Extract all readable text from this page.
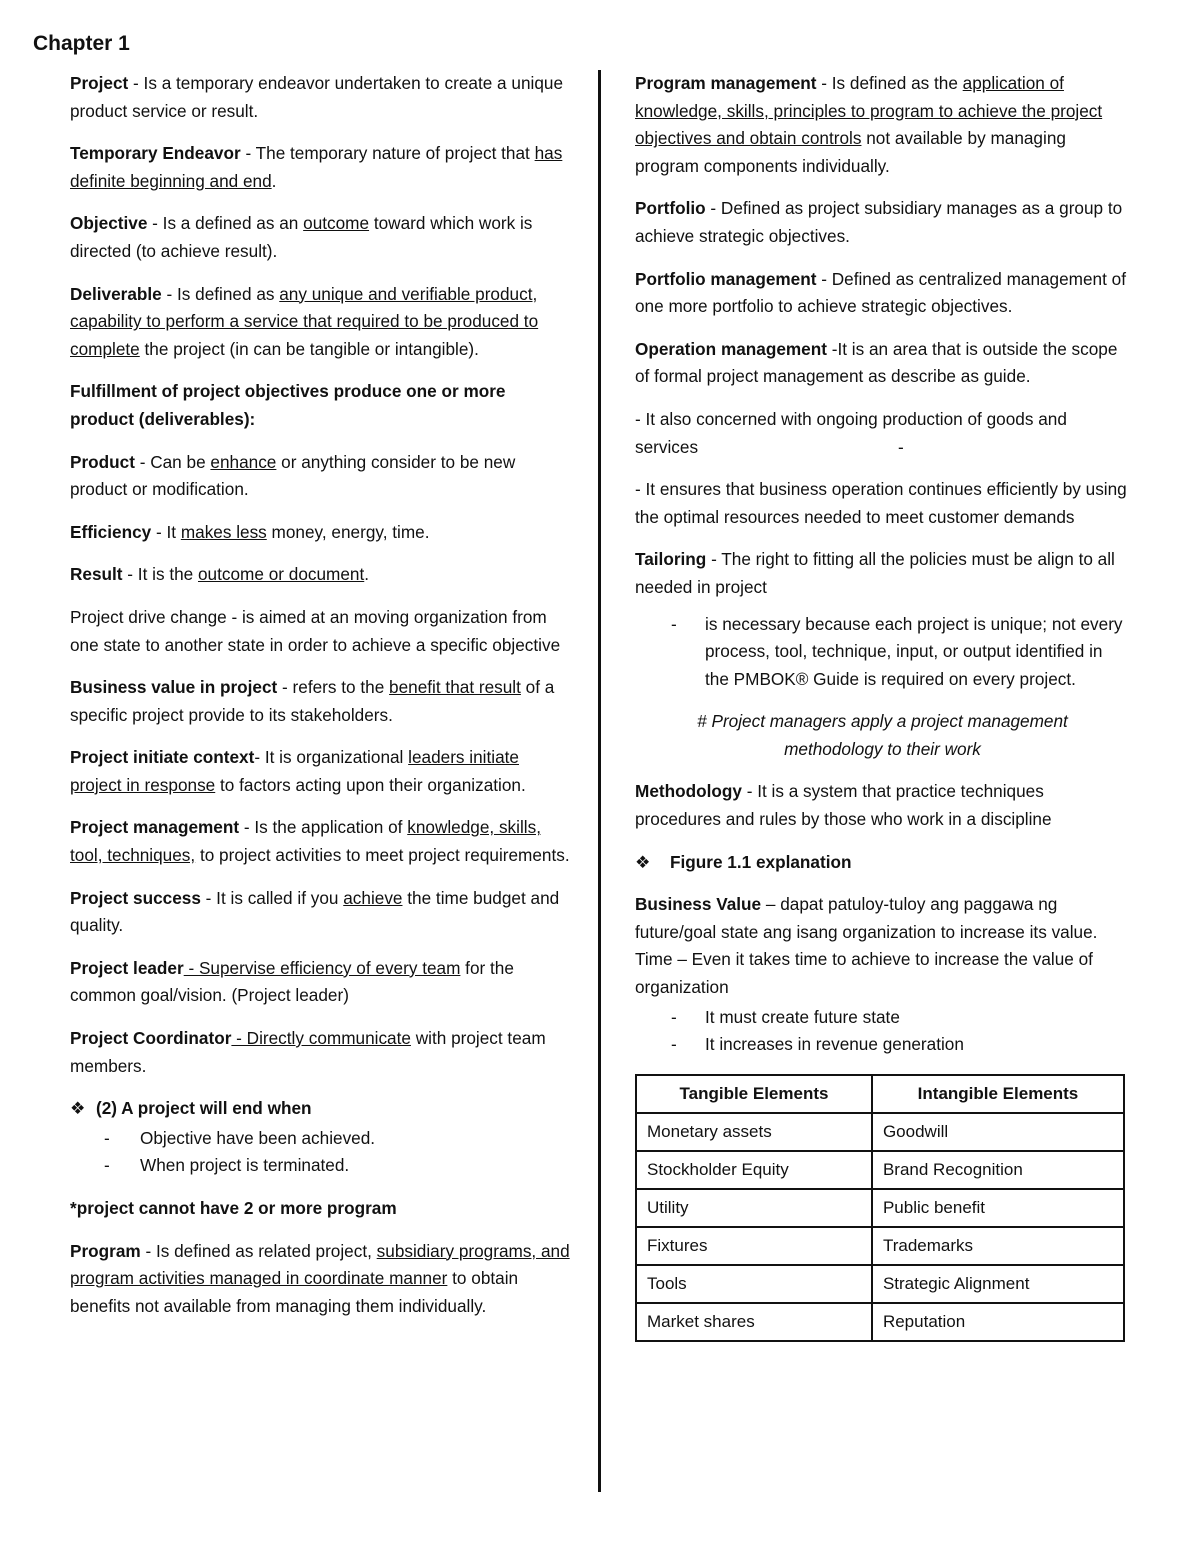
Chapter 1

Project - Is a temporary endeavor undertaken to create a unique product service or result.

Temporary Endeavor - The temporary nature of project that has definite beginning and end.

Objective - Is a defined as an outcome toward which work is directed (to achieve result).

Deliverable - Is defined as any unique and verifiable product, capability to perform a service that required to be produced to complete the project (in can be tangible or intangible).

Fulfillment of project objectives produce one or more product (deliverables):

Product - Can be enhance or anything consider to be new product or modification.

Efficiency - It makes less money, energy, time.

Result - It is the outcome or document.

Project drive change - is aimed at an moving organization from one state to another state in order to achieve a specific objective

Business value in project - refers to the benefit that result of a specific project provide to its stakeholders.

Project initiate context- It is organizational leaders initiate project in response to factors acting upon their organization.

Project management - Is the application of knowledge, skills, tool, techniques, to project activities to meet project requirements.

Project success - It is called if you achieve the time budget and quality.

Project leader - Supervise efficiency of every team for the common goal/vision. (Project leader)

Project Coordinator - Directly communicate with project team members.

❖ (2) A project will end when

- Objective have been achieved.
- When project is terminated.

*project cannot have 2 or more program

Program - Is defined as related project, subsidiary programs, and program activities managed in coordinate manner to obtain benefits not available from managing them individually.

Program management - Is defined as the application of knowledge, skills, principles to program to achieve the project objectives and obtain controls not available by managing program components individually.

Portfolio - Defined as project subsidiary manages as a group to achieve strategic objectives.

Portfolio management - Defined as centralized management of one more portfolio to achieve strategic objectives.

Operation management -It is an area that is outside the scope of formal project management as describe as guide.

- It also concerned with ongoing production of goods and services	-

- It ensures that business operation continues efficiently by using the optimal resources needed to meet customer demands

Tailoring - The right to fitting all the policies must be align to all needed in project

- is necessary because each project is unique; not every process, tool, technique, input, or output identified in the PMBOK® Guide is required on every project.

# Project managers apply a project management methodology to their work

Methodology - It is a system that practice techniques procedures and rules by those who work in a discipline

❖ Figure 1.1 explanation

Business Value – dapat patuloy-tuloy ang paggawa ng future/goal state ang isang organization to increase its value. Time – Even it takes time to achieve to increase the value of organization

- It must create future state
- It increases in revenue generation
Tangible Elements	Intangible Elements
Monetary assets	Goodwill
Stockholder Equity	Brand Recognition
Utility	Public benefit
Fixtures	Trademarks
Tools	Strategic Alignment
Market shares	Reputation
